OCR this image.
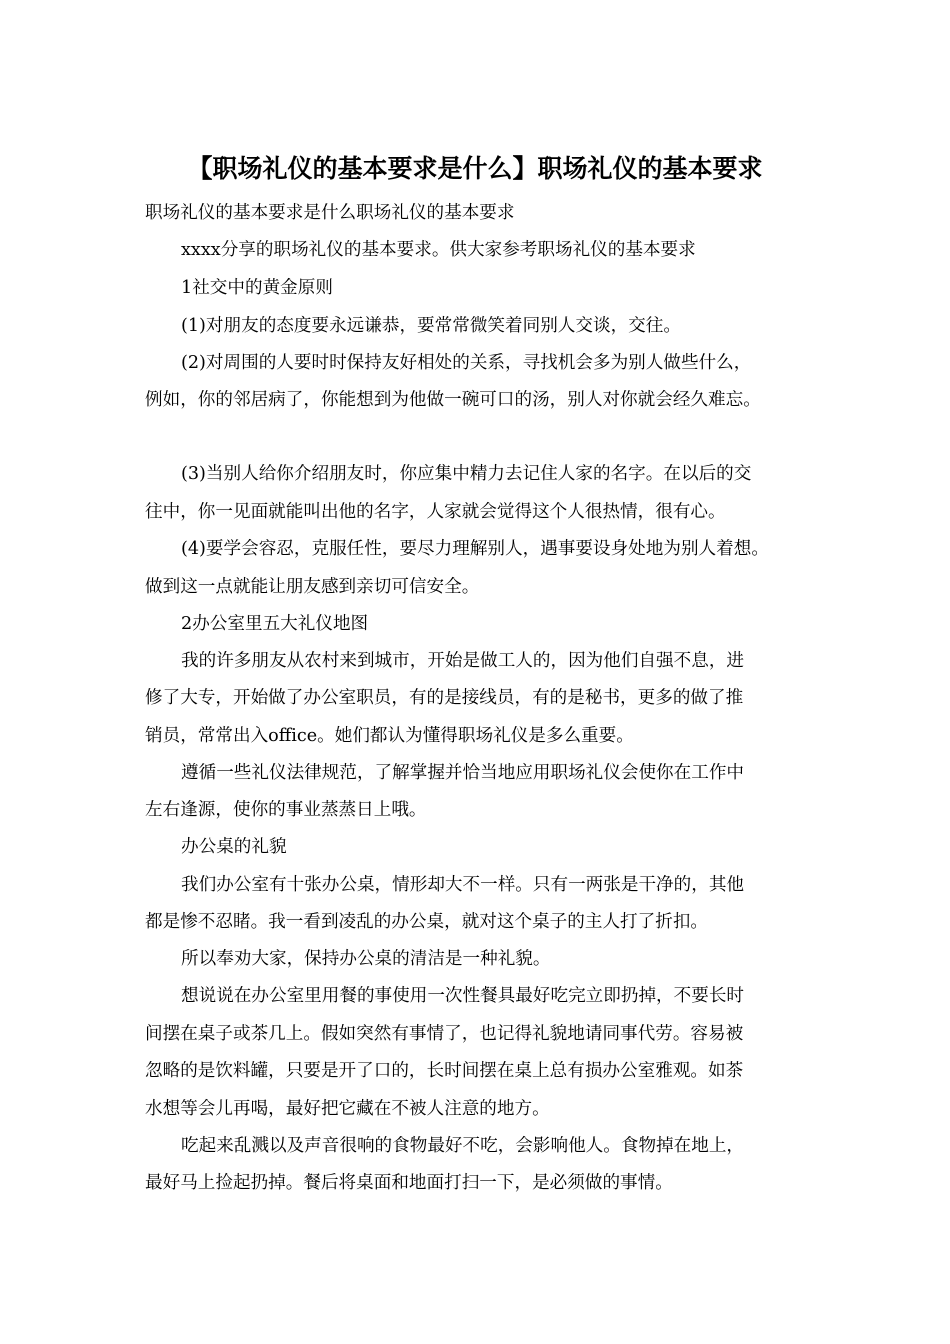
【职场礼仪的基本要求是什么】职场礼仪的基本要求
职场礼仪的基本要求是什么职场礼仪的基本要求
xxxx分享的职场礼仪的基本要求。供大家参考职场礼仪的基本要求
1社交中的黄金原则
(1)对朋友的态度要永远谦恭，要常常微笑着同别人交谈，交往。
(2)对周围的人要时时保持友好相处的关系，寻找机会多为别人做些什么，
例如，你的邻居病了，你能想到为他做一碗可口的汤，别人对你就会经久难忘。
(3)当别人给你介绍朋友时，你应集中精力去记住人家的名字。在以后的交
往中，你一见面就能叫出他的名字，人家就会觉得这个人很热情，很有心。
(4)要学会容忍，克服任性，要尽力理解别人，遇事要设身处地为别人着想。
做到这一点就能让朋友感到亲切可信安全。
2办公室里五大礼仪地图
我的许多朋友从农村来到城市，开始是做工人的，因为他们自强不息，进
修了大专，开始做了办公室职员，有的是接线员，有的是秘书，更多的做了推
销员，常常出入office。她们都认为懂得职场礼仪是多么重要。
遵循一些礼仪法律规范，了解掌握并恰当地应用职场礼仪会使你在工作中
左右逢源，使你的事业蒸蒸日上哦。
办公桌的礼貌
我们办公室有十张办公桌，情形却大不一样。只有一两张是干净的，其他
都是惨不忍睹。我一看到凌乱的办公桌，就对这个桌子的主人打了折扣。
所以奉劝大家，保持办公桌的清洁是一种礼貌。
想说说在办公室里用餐的事使用一次性餐具最好吃完立即扔掉，不要长时
间摆在桌子或茶几上。假如突然有事情了，也记得礼貌地请同事代劳。容易被
忽略的是饮料罐，只要是开了口的，长时间摆在桌上总有损办公室雅观。如茶
水想等会儿再喝，最好把它藏在不被人注意的地方。
吃起来乱溅以及声音很响的食物最好不吃，会影响他人。食物掉在地上，
最好马上捡起扔掉。餐后将桌面和地面打扫一下，是必须做的事情。
